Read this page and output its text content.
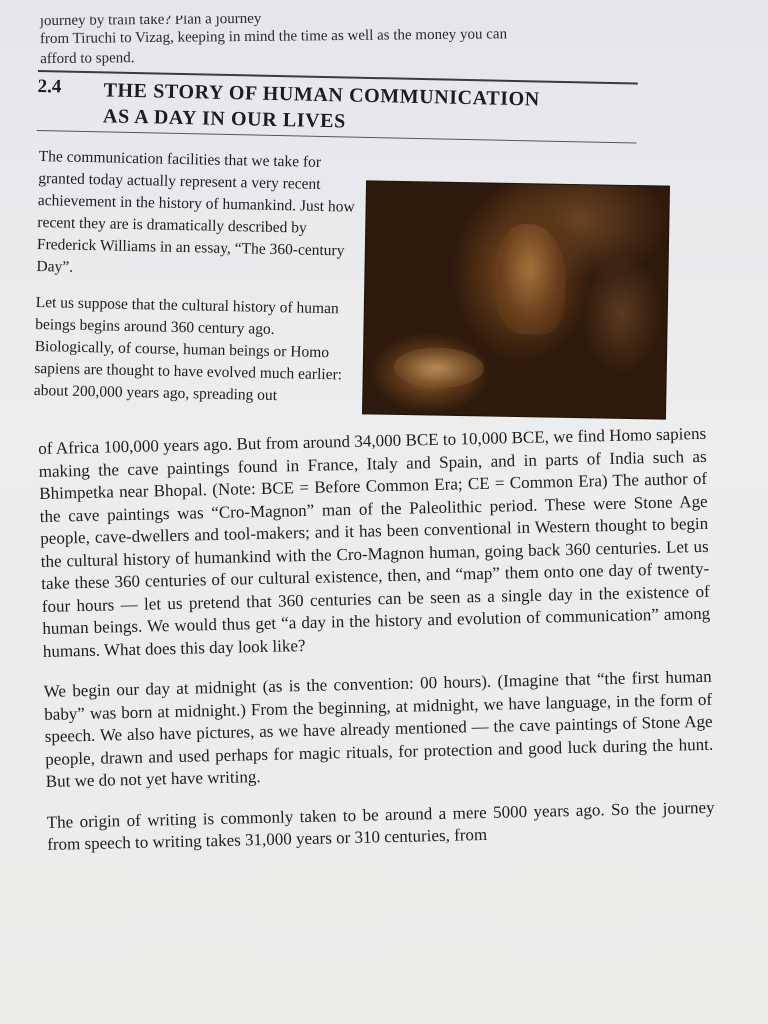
journey by train take? Plan a journey
from Tiruchi to Vizag, keeping in mind the time as well as the money you can
afford to spend.
2.4	THE STORY OF HUMAN COMMUNICATION
AS A DAY IN OUR LIVES

The communication facilities that we take for granted today actually represent a very recent achievement in the history of humankind. Just how recent they are is dramatically described by Frederick Williams in an essay, “The 360-century Day”.

Let us suppose that the cultural history of human beings begins around 360 century ago. Biologically, of course, human beings or Homo sapiens are thought to have evolved much earlier: about 200,000 years ago, spreading out

of Africa 100,000 years ago. But from around 34,000 BCE to 10,000 BCE, we find Homo sapiens making the cave paintings found in France, Italy and Spain, and in parts of India such as Bhimpetka near Bhopal. (Note: BCE = Before Common Era; CE = Common Era) The author of the cave paintings was “Cro-Magnon” man of the Paleolithic period. These were Stone Age people, cave-dwellers and tool-makers; and it has been conventional in Western thought to begin the cultural history of humankind with the Cro-Magnon human, going back 360 centuries. Let us take these 360 centuries of our cultural existence, then, and “map” them onto one day of twenty-four hours — let us pretend that 360 centuries can be seen as a single day in the existence of human beings. We would thus get “a day in the history and evolution of communication” among humans. What does this day look like?

We begin our day at midnight (as is the convention: 00 hours). (Imagine that “the first human baby” was born at midnight.) From the beginning, at midnight, we have language, in the form of speech. We also have pictures, as we have already mentioned — the cave paintings of Stone Age people, drawn and used perhaps for magic rituals, for protection and good luck during the hunt. But we do not yet have writing.

The origin of writing is commonly taken to be around a mere 5000 years ago. So the journey from speech to writing takes 31,000 years or 310 centuries, from
